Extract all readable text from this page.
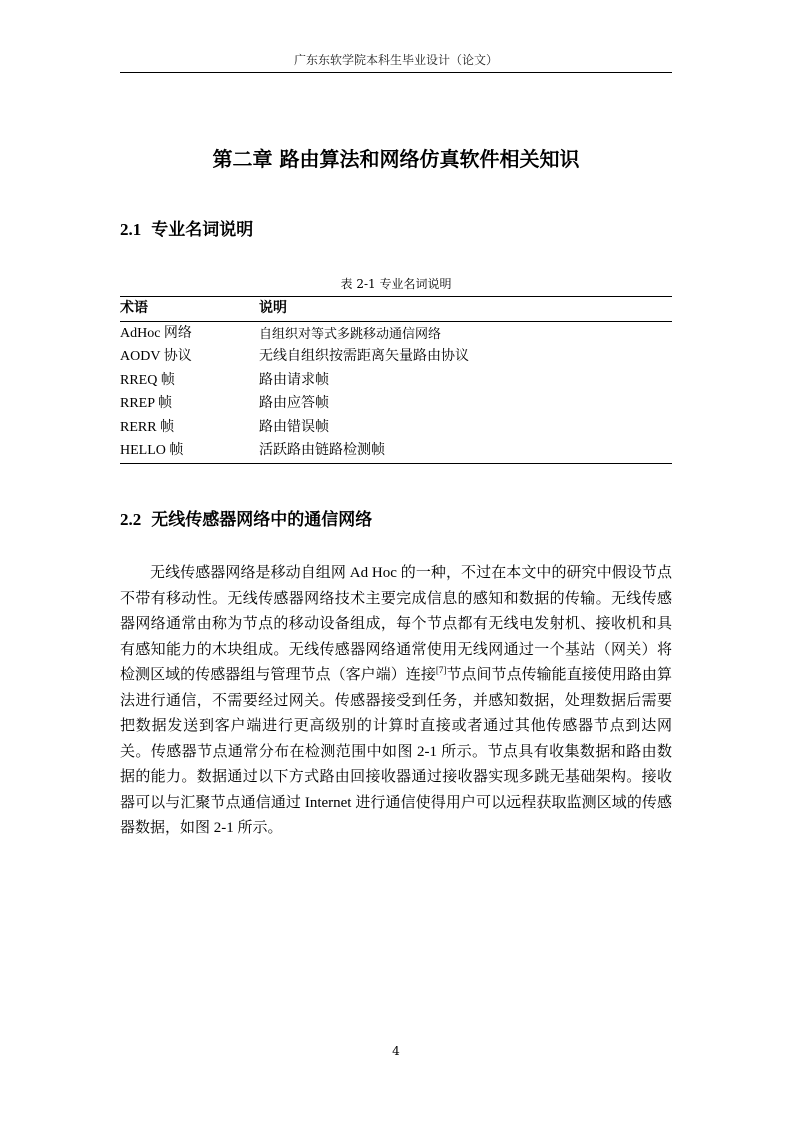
广东东软学院本科生毕业设计（论文）
第二章 路由算法和网络仿真软件相关知识
2.1 专业名词说明
表 2-1 专业名词说明
术语	说明
AdHoc 网络	自组织对等式多跳移动通信网络
AODV 协议	无线自组织按需距离矢量路由协议
RREQ 帧	路由请求帧
RREP 帧	路由应答帧
RERR 帧	路由错误帧
HELLO 帧	活跃路由链路检测帧
2.2 无线传感器网络中的通信网络

无线传感器网络是移动自组网 Ad Hoc 的一种，不过在本文中的研究中假设节点不带有移动性。无线传感器网络技术主要完成信息的感知和数据的传输。无线传感器网络通常由称为节点的移动设备组成，每个节点都有无线电发射机、接收机和具有感知能力的木块组成。无线传感器网络通常使用无线网通过一个基站（网关）将检测区域的传感器组与管理节点（客户端）连接[7]节点间节点传输能直接使用路由算法进行通信，不需要经过网关。传感器接受到任务，并感知数据，处理数据后需要把数据发送到客户端进行更高级别的计算时直接或者通过其他传感器节点到达网关。传感器节点通常分布在检测范围中如图 2-1 所示。节点具有收集数据和路由数据的能力。数据通过以下方式路由回接收器通过接收器实现多跳无基础架构。接收器可以与汇聚节点通信通过 Internet 进行通信使得用户可以远程获取监测区域的传感器数据，如图 2-1 所示。

4
